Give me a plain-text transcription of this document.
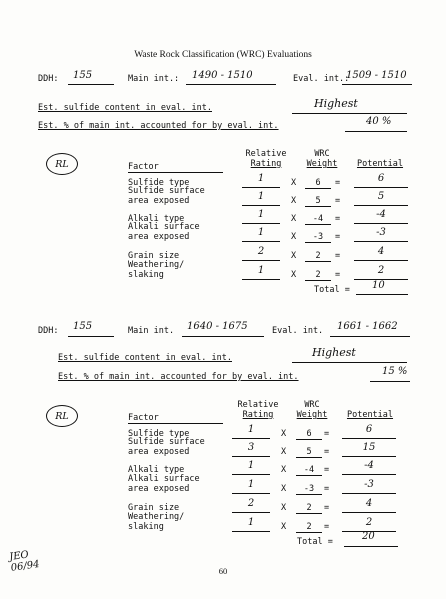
Waste Rock Classification (WRC) Evaluations
DDH: 155	Main int.: 1490 - 1510	Eval. int.:
1509 - 1510
Est. sulfide content in eval. int.	Highest
Est. % of main int. accounted for by eval. int.	40 %
RL
Relative
Rating
WRC
Weight	Potential
Factor
Sulfide type	1	X	6	=	6
Sulfide surface
area exposed	1	X	5	=	5
Alkali type	1	X	-4	=	-4
Alkali surface
area exposed	1	X	-3	=	-3
Grain size	2	X	2	=	4
Weathering/
slaking	1	X	2	=	2
Total = 10
DDH: 155	Main int. 1640 - 1675	Eval. int. 1661 - 1662
Est. sulfide content in eval. int.	Highest
Est. % of main int. accounted for by eval. int.	15 %
RL
Relative
Rating
WRC
Weight	Potential
Factor
Sulfide type	1	X	6	=	6
Sulfide surface
area exposed	3	X	5	=	15
Alkali type	1	X	-4	=	-4
Alkali surface
area exposed	1	X	-3	=	-3
Grain size	2	X	2	=	4
Weathering/
slaking	1	X	2	=	2
Total =	20
JEO
06/94	60
